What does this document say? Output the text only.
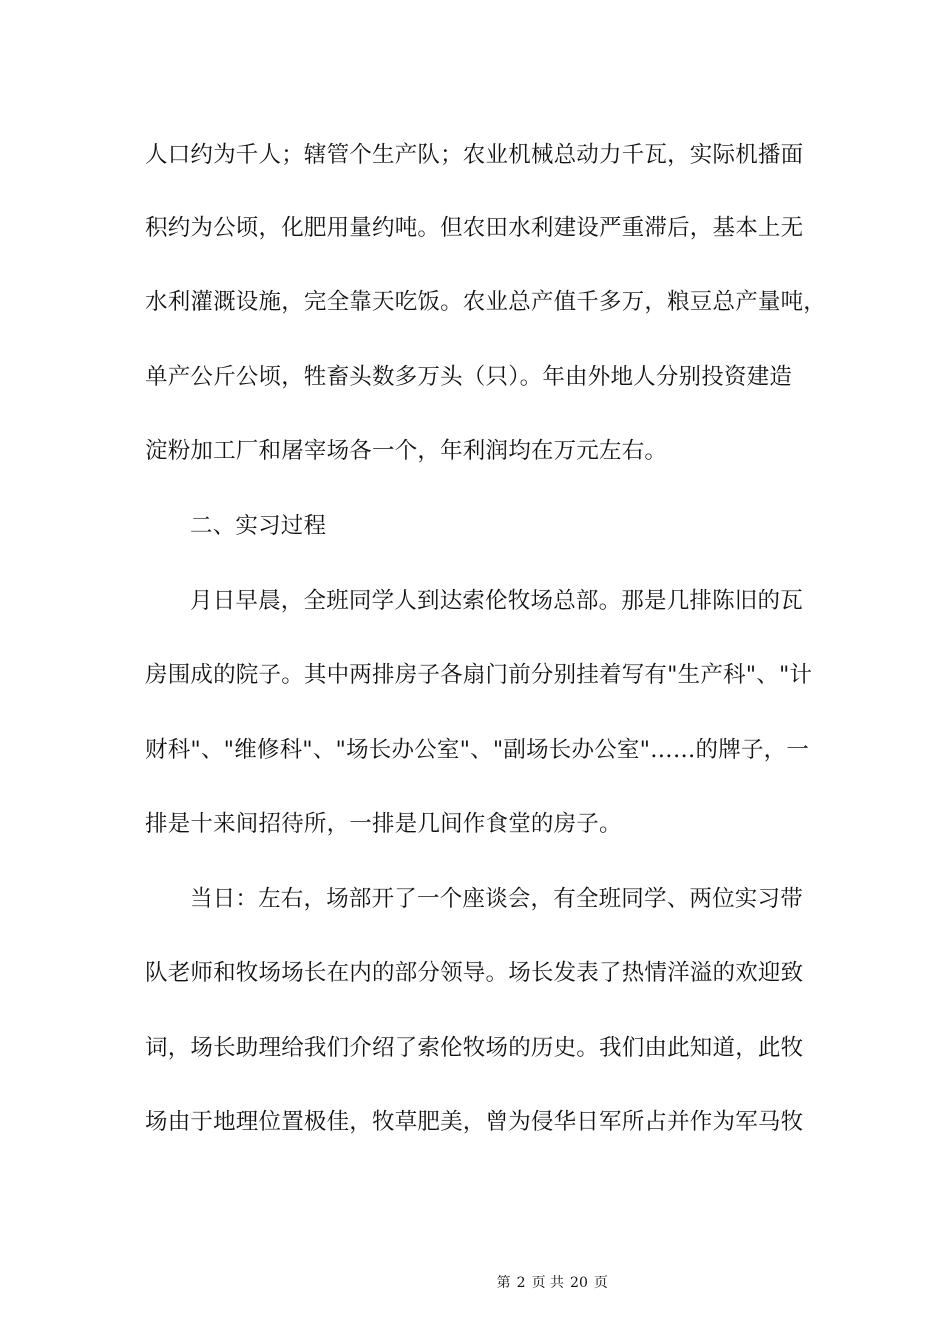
人口约为千人；辖管个生产队；农业机械总动力千瓦，实际机播面
积约为公顷，化肥用量约吨。但农田水利建设严重滞后，基本上无
水利灌溉设施，完全靠天吃饭。农业总产值千多万，粮豆总产量吨，
单产公斤公顷，牲畜头数多万头（只）。年由外地人分别投资建造
淀粉加工厂和屠宰场各一个，年利润均在万元左右。
二、实习过程
月日早晨，全班同学人到达索伦牧场总部。那是几排陈旧的瓦
房围成的院子。其中两排房子各扇门前分别挂着写有"生产科"、"计
财科"、"维修科"、"场长办公室"、"副场长办公室"……的牌子，一
排是十来间招待所，一排是几间作食堂的房子。
当日：左右，场部开了一个座谈会，有全班同学、两位实习带
队老师和牧场场长在内的部分领导。场长发表了热情洋溢的欢迎致
词，场长助理给我们介绍了索伦牧场的历史。我们由此知道，此牧
场由于地理位置极佳，牧草肥美，曾为侵华日军所占并作为军马牧

第 2 页 共 20 页
